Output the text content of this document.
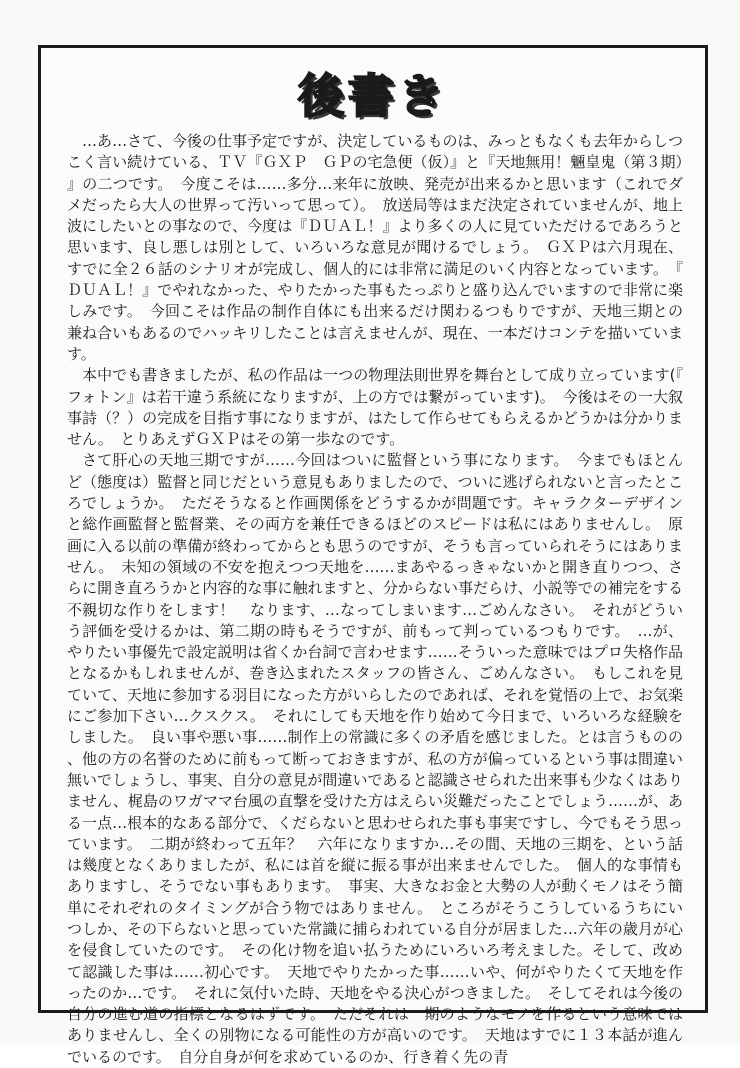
後書き

…あ…さて、今後の仕事予定ですが、決定しているものは、みっともなくも去年からしつこく言い続けている、ＴＶ『ＧＸＰ　ＧＰの宅急便（仮）』と『天地無用！魎皇鬼（第３期）』の二つです。　今度こそは……多分…来年に放映、発売が出来るかと思います（これでダメだったら大人の世界って汚いって思って）。　放送局等はまだ決定されていませんが、地上波にしたいとの事なので、今度は『ＤＵＡＬ！』より多くの人に見ていただけるであろうと思います、良し悪しは別として、いろいろな意見が聞けるでしょう。　ＧＸＰは六月現在、すでに全２６話のシナリオが完成し、個人的には非常に満足のいく内容となっています。　『ＤＵＡＬ！』でやれなかった、やりたかった事もたっぷりと盛り込んでいますので非常に楽しみです。　今回こそは作品の制作自体にも出来るだけ関わるつもりですが、天地三期との兼ね合いもあるのでハッキリしたことは言えませんが、現在、一本だけコンテを描いています。

本中でも書きましたが、私の作品は一つの物理法則世界を舞台として成り立っています(『フォトン』は若干違う系統になりますが、上の方では繋がっています)。　今後はその一大叙事詩（？）の完成を目指す事になりますが、はたして作らせてもらえるかどうかは分かりません。　とりあえずＧＸＰはその第一歩なのです。

さて肝心の天地三期ですが……今回はついに監督という事になります。　今までもほとんど（態度は）監督と同じだという意見もありましたので、ついに逃げられないと言ったところでしょうか。　ただそうなると作画関係をどうするかが問題です。キャラクターデザインと総作画監督と監督業、その両方を兼任できるほどのスピードは私にはありませんし。　原画に入る以前の準備が終わってからとも思うのですが、そうも言っていられそうにはありません。　未知の領域の不安を抱えつつ天地を……まあやるっきゃないかと開き直りつつ、さらに開き直ろうかと内容的な事に触れますと、分からない事だらけ、小説等での補完をする不親切な作りをします！　なります、…なってしまいます…ごめんなさい。　それがどういう評価を受けるかは、第二期の時もそうですが、前もって判っているつもりです。　…が、やりたい事優先で設定説明は省くか台詞で言わせます……そういった意味ではプロ失格作品となるかもしれませんが、巻き込まれたスタッフの皆さん、ごめんなさい。　もしこれを見ていて、天地に参加する羽目になった方がいらしたのであれば、それを覚悟の上で、お気楽にご参加下さい…クスクス。　それにしても天地を作り始めて今日まで、いろいろな経験をしました。　良い事や悪い事……制作上の常識に多くの矛盾を感じました。とは言うものの、他の方の名誉のために前もって断っておきますが、私の方が偏っているという事は間違い無いでしょうし、事実、自分の意見が間違いであると認識させられた出来事も少なくはありません、梶島のワガママ台風の直撃を受けた方はえらい災難だったことでしょう……が、ある一点…根本的なある部分で、くだらないと思わせられた事も事実ですし、今でもそう思っています。　二期が終わって五年？　六年になりますか…その間、天地の三期を、という話は幾度となくありましたが、私には首を縦に振る事が出来ませんでした。　個人的な事情もありますし、そうでない事もあります。　事実、大きなお金と大勢の人が動くモノはそう簡単にそれぞれのタイミングが合う物ではありません。　ところがそうこうしているうちにいつしか、その下らないと思っていた常識に捕らわれている自分が居ました…六年の歳月が心を侵食していたのです。　その化け物を追い払うためにいろいろ考えました。そして、改めて認識した事は……初心です。　天地でやりたかった事……いや、何がやりたくて天地を作ったのか…です。　それに気付いた時、天地をやる決心がつきました。　そしてそれは今後の自分の進む道の指標となるはずです。　ただそれは一期のようなモノを作るという意味ではありませんし、全くの別物になる可能性の方が高いのです。　天地はすでに１３本話が進んでいるのです。　自分自身が何を求めているのか、行き着く先の青
